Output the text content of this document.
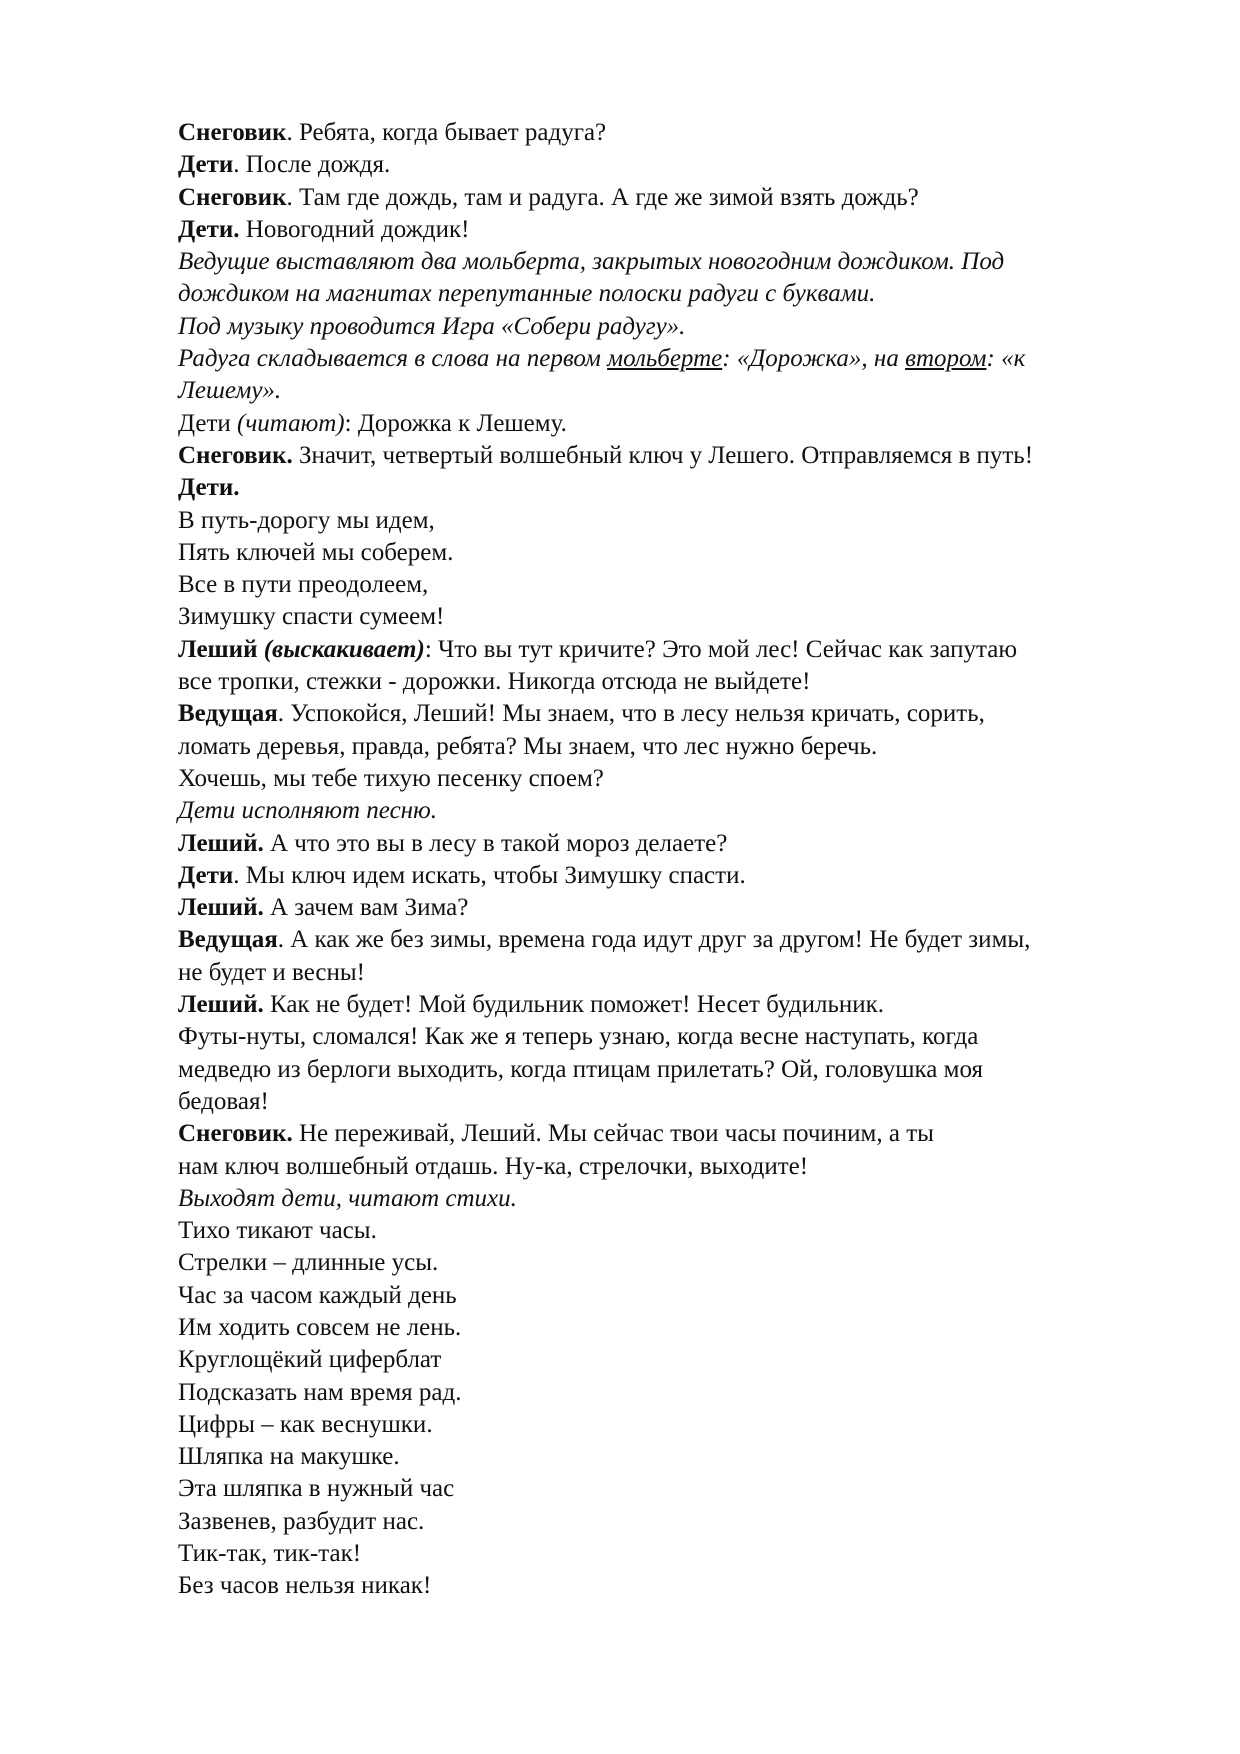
Снеговик. Ребята, когда бывает радуга?
Дети. После дождя.
Снеговик. Там где дождь, там и радуга. А где же зимой взять дождь?
Дети. Новогодний дождик!
Ведущие выставляют два мольберта, закрытых новогодним дождиком. Под
дождиком на магнитах перепутанные полоски радуги с буквами.
Под музыку проводится Игра «Собери радугу».
Радуга складывается в слова на первом мольберте: «Дорожка», на втором: «к
Лешему».
Дети (читают): Дорожка к Лешему.
Снеговик. Значит, четвертый волшебный ключ у Лешего. Отправляемся в путь!
Дети.
В путь-дорогу мы идем,
Пять ключей мы соберем.
Все в пути преодолеем,
Зимушку спасти сумеем!
Леший (выскакивает): Что вы тут кричите? Это мой лес! Сейчас как запутаю
все тропки, стежки - дорожки. Никогда отсюда не выйдете!
Ведущая. Успокойся, Леший! Мы знаем, что в лесу нельзя кричать, сорить,
ломать деревья, правда, ребята? Мы знаем, что лес нужно беречь.
Хочешь, мы тебе тихую песенку споем?
Дети исполняют песню.
Леший. А что это вы в лесу в такой мороз делаете?
Дети. Мы ключ идем искать, чтобы Зимушку спасти.
Леший. А зачем вам Зима?
Ведущая. А как же без зимы, времена года идут друг за другом! Не будет зимы,
не будет и весны!
Леший. Как не будет! Мой будильник поможет! Несет будильник.
Футы-нуты, сломался! Как же я теперь узнаю, когда весне наступать, когда
медведю из берлоги выходить, когда птицам прилетать? Ой, головушка моя
бедовая!
Снеговик. Не переживай, Леший. Мы сейчас твои часы починим, а ты
нам ключ волшебный отдашь. Ну-ка, стрелочки, выходите!
Выходят дети, читают стихи.
Тихо тикают часы.
Стрелки – длинные усы.
Час за часом каждый день
Им ходить совсем не лень.
Круглощёкий циферблат
Подсказать нам время рад.
Цифры – как веснушки.
Шляпка на макушке.
Эта шляпка в нужный час
Зазвенев, разбудит нас.
Тик-так, тик-так!
Без часов нельзя никак!
